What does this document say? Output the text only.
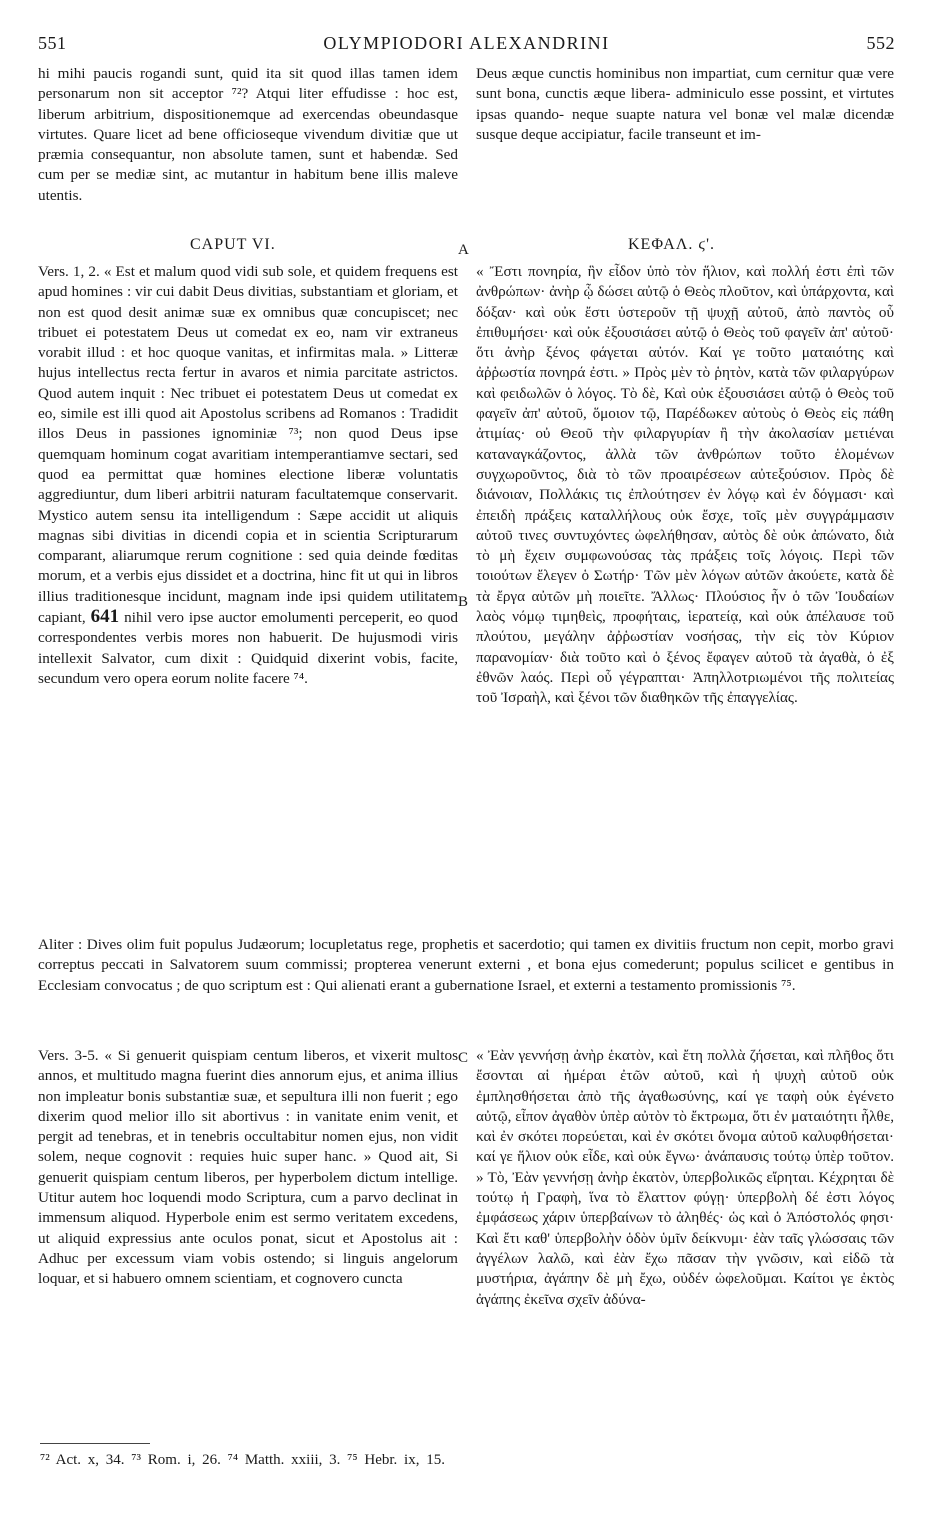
551	OLYMPIODORI ALEXANDRINI	552

hi mihi paucis rogandi sunt, quid ita sit quod illas tamen idem personarum non sit acceptor ⁷²? Atqui liter effudisse : hoc est, liberum arbitrium, dispositionemque ad exercendas obeundasque virtutes. Quare licet ad bene officioseque vivendum divitiæ que ut præmia consequantur, non absolute tamen, sunt et habendæ. Sed cum per se mediæ sint, ac mutantur in habitum bene illis maleve utentis.

Deus æque cunctis hominibus non impartiat, cum cernitur quæ vere sunt bona, cunctis æque libera- adminiculo esse possint, et virtutes ipsas quando- neque suapte natura vel bonæ vel malæ dicendæ susque deque accipiatur, facile transeunt et im-

CAPUT VI.	A	ΚΕΦΑΛ. ϛ'.

Vers. 1, 2. « Est et malum quod vidi sub sole, et quidem frequens est apud homines : vir cui dabit Deus divitias, substantiam et gloriam, et non est quod desit animæ suæ ex omnibus quæ concupiscet; nec tribuet ei potestatem Deus ut comedat ex eo, nam vir extraneus vorabit illud : et hoc quoque vanitas, et infirmitas mala. » Litteræ hujus intellectus recta fertur in avaros et nimia parcitate astrictos. Quod autem inquit : Nec tribuet ei potestatem Deus ut comedat ex eo, simile est illi quod ait Apostolus scribens ad Romanos : Tradidit illos Deus in passiones ignominiæ ⁷³; non quod Deus ipse quemquam hominum cogat avaritiam intemperantiamve sectari, sed quod ea permittat quæ homines electione liberæ voluntatis aggrediuntur, dum liberi arbitrii naturam facultatemque conservarit. Mystico autem sensu ita intelligendum : Sæpe accidit ut aliquis magnas sibi divitias in dicendi copia et in scientia Scripturarum comparant, aliarumque rerum cognitione : sed quia deinde fœditas morum, et a verbis ejus dissidet et a doctrina, hinc fit ut qui in libros illius traditionesque incidunt, magnam inde ipsi quidem utilitatem capiant, 641 nihil vero ipse auctor emolumenti perceperit, eo quod correspondentes verbis mores non habuerit. De hujusmodi viris intellexit Salvator, cum dixit : Quidquid dixerint vobis, facite, secundum vero opera eorum nolite facere ⁷⁴.

B

« Ἔστι πονηρία, ἣν εἶδον ὑπὸ τὸν ἥλιον, καὶ πολλή ἐστι ἐπὶ τῶν ἀνθρώπων· ἀνὴρ ᾧ δώσει αὐτῷ ὁ Θεὸς πλοῦτον, καὶ ὑπάρχοντα, καὶ δόξαν· καὶ οὐκ ἔστι ὑστεροῦν τῇ ψυχῇ αὐτοῦ, ἀπὸ παντὸς οὗ ἐπιθυμήσει· καὶ οὐκ ἐξουσιάσει αὐτῷ ὁ Θεὸς τοῦ φαγεῖν ἀπ' αὐτοῦ· ὅτι ἀνὴρ ξένος φάγεται αὐτόν. Καί γε τοῦτο ματαιότης καὶ ἀῤῥωστία πονηρά ἐστι. » Πρὸς μὲν τὸ ῥητὸν, κατὰ τῶν φιλαργύρων καὶ φειδωλῶν ὁ λόγος. Τὸ δὲ, Καὶ οὐκ ἐξουσιάσει αὐτῷ ὁ Θεὸς τοῦ φαγεῖν ἀπ' αὐτοῦ, ὅμοιον τῷ, Παρέδωκεν αὐτοὺς ὁ Θεὸς εἰς πάθη ἀτιμίας· οὐ Θεοῦ τὴν φιλαργυρίαν ἢ τὴν ἀκολασίαν μετιέναι καταναγκάζοντος, ἀλλὰ τῶν ἀνθρώπων τοῦτο ἑλομένων συγχωροῦντος, διὰ τὸ τῶν προαιρέσεων αὐτεξούσιον. Πρὸς δὲ διάνοιαν, Πολλάκις τις ἐπλούτησεν ἐν λόγῳ καὶ ἐν δόγμασι· καὶ ἐπειδὴ πράξεις καταλλήλους οὐκ ἔσχε, τοῖς μὲν συγγράμμασιν αὐτοῦ τινες συντυχόντες ὠφελήθησαν, αὐτὸς δὲ οὐκ ἀπώνατο, διὰ τὸ μὴ ἔχειν συμφωνούσας τὰς πράξεις τοῖς λόγοις. Περὶ τῶν τοιούτων ἔλεγεν ὁ Σωτήρ· Τῶν μὲν λόγων αὐτῶν ἀκούετε, κατὰ δὲ τὰ ἔργα αὐτῶν μὴ ποιεῖτε. Ἄλλως· Πλούσιος ἦν ὁ τῶν Ἰουδαίων λαὸς νόμῳ τιμηθεὶς, προφήταις, ἱερατείᾳ, καὶ οὐκ ἀπέλαυσε τοῦ πλούτου, μεγάλην ἀῤῥωστίαν νοσήσας, τὴν εἰς τὸν Κύριον παρανομίαν· διὰ τοῦτο καὶ ὁ ξένος ἔφαγεν αὐτοῦ τὰ ἀγαθὰ, ὁ ἐξ ἐθνῶν λαός. Περὶ οὗ γέγραπται· Ἀπηλλοτριωμένοι τῆς πολιτείας τοῦ Ἰσραὴλ, καὶ ξένοι τῶν διαθηκῶν τῆς ἐπαγγελίας.

Aliter : Dives olim fuit populus Judæorum; locupletatus rege, prophetis et sacerdotio; qui tamen ex divitiis fructum non cepit, morbo gravi correptus peccati in Salvatorem suum commissi; propterea venerunt externi , et bona ejus comederunt; populus scilicet e gentibus in Ecclesiam convocatus ; de quo scriptum est : Qui alienati erant a gubernatione Israel, et externi a testamento promissionis ⁷⁵.

Vers. 3-5. « Si genuerit quispiam centum liberos, et vixerit multos annos, et multitudo magna fuerint dies annorum ejus, et anima illius non impleatur bonis substantiæ suæ, et sepultura illi non fuerit ; ego dixerim quod melior illo sit abortivus : in vanitate enim venit, et pergit ad tenebras, et in tenebris occultabitur nomen ejus, non vidit solem, neque cognovit : requies huic super hanc. » Quod ait, Si genuerit quispiam centum liberos, per hyperbolem dictum intellige. Utitur autem hoc loquendi modo Scriptura, cum a parvo declinat in immensum aliquod. Hyperbole enim est sermo veritatem excedens, ut aliquid expressius ante oculos ponat, sicut et Apostolus ait : Adhuc per excessum viam vobis ostendo; si linguis angelorum loquar, et si habuero omnem scientiam, et cognovero cuncta

C « Ἐὰν γεννήσῃ ἀνὴρ ἑκατὸν, καὶ ἔτη πολλὰ ζήσεται, καὶ πλῆθος ὅτι ἔσονται αἱ ἡμέραι ἐτῶν αὐτοῦ, καὶ ἡ ψυχὴ αὐτοῦ οὐκ ἐμπλησθήσεται ἀπὸ τῆς ἀγαθωσύνης, καί γε ταφὴ οὐκ ἐγένετο αὐτῷ, εἶπον ἀγαθὸν ὑπὲρ αὐτὸν τὸ ἔκτρωμα, ὅτι ἐν ματαιότητι ἦλθε, καὶ ἐν σκότει πορεύεται, καὶ ἐν σκότει ὄνομα αὐτοῦ καλυφθήσεται· καί γε ἥλιον οὐκ εἶδε, καὶ οὐκ ἔγνω· ἀνάπαυσις τούτῳ ὑπὲρ τοῦτον. » Τὸ, Ἐὰν γεννήσῃ ἀνὴρ ἑκατὸν, ὑπερβολικῶς εἴρηται. Κέχρηται δὲ τούτῳ ἡ Γραφὴ, ἵνα τὸ ἔλαττον φύγῃ· ὑπερβολὴ δέ ἐστι λόγος ἐμφάσεως χάριν ὑπερβαίνων τὸ ἀληθές· ὡς καὶ ὁ Ἀπόστολός φησι· Καὶ ἔτι καθ' ὑπερβολὴν ὁδὸν ὑμῖν δείκνυμι· ἐὰν ταῖς γλώσσαις τῶν ἀγγέλων λαλῶ, καὶ ἐὰν ἔχω πᾶσαν τὴν γνῶσιν, καὶ εἰδῶ τὰ μυστήρια, ἀγάπην δὲ μὴ ἔχω, οὐδέν ὠφελοῦμαι. Καίτοι γε ἐκτὸς ἀγάπης ἐκεῖνα σχεῖν ἀδύνα-

⁷² Act. x, 34. ⁷³ Rom. i, 26. ⁷⁴ Matth. xxiii, 3. ⁷⁵ Hebr. ix, 15.
